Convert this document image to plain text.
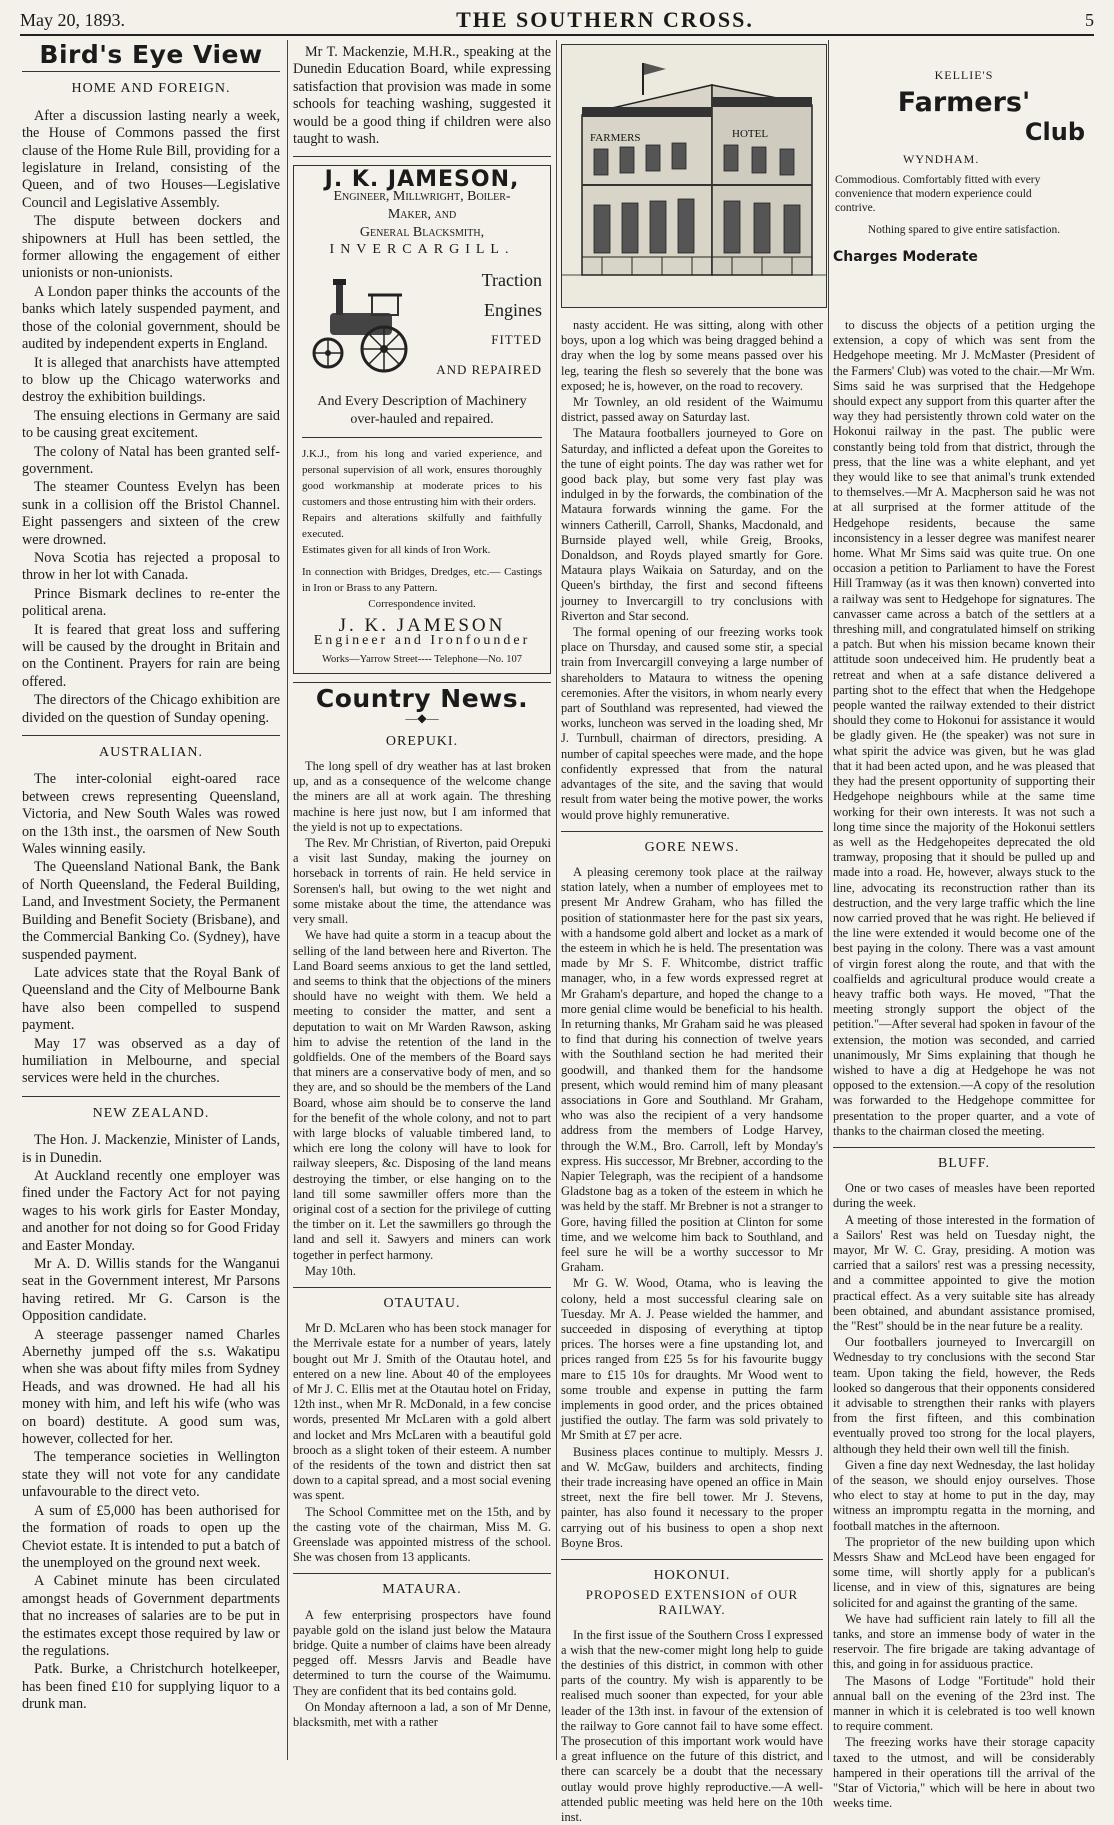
May 20, 1893.	THE SOUTHERN CROSS.	5
Bird's Eye View
HOME AND FOREIGN.

After a discussion lasting nearly a week, the House of Commons passed the first clause of the Home Rule Bill, providing for a legislature in Ireland, consisting of the Queen, and of two Houses—Legislative Council and Legislative Assembly.

The dispute between dockers and shipowners at Hull has been settled, the former allowing the engagement of either unionists or non-unionists.

A London paper thinks the accounts of the banks which lately suspended payment, and those of the colonial government, should be audited by independent experts in England.

It is alleged that anarchists have attempted to blow up the Chicago waterworks and destroy the exhibition buildings.

The ensuing elections in Germany are said to be causing great excitement.

The colony of Natal has been granted self-government.

The steamer Countess Evelyn has been sunk in a collision off the Bristol Channel. Eight passengers and sixteen of the crew were drowned.

Nova Scotia has rejected a proposal to throw in her lot with Canada.

Prince Bismark declines to re-enter the political arena.

It is feared that great loss and suffering will be caused by the drought in Britain and on the Continent. Prayers for rain are being offered.

The directors of the Chicago exhibition are divided on the question of Sunday opening.

AUSTRALIAN.

The inter-colonial eight-oared race between crews representing Queensland, Victoria, and New South Wales was rowed on the 13th inst., the oarsmen of New South Wales winning easily.

The Queensland National Bank, the Bank of North Queensland, the Federal Building, Land, and Investment Society, the Permanent Building and Benefit Society (Brisbane), and the Commercial Banking Co. (Sydney), have suspended payment.

Late advices state that the Royal Bank of Queensland and the City of Melbourne Bank have also been compelled to suspend payment.

May 17 was observed as a day of humiliation in Melbourne, and special services were held in the churches.

NEW ZEALAND.

The Hon. J. Mackenzie, Minister of Lands, is in Dunedin.

At Auckland recently one employer was fined under the Factory Act for not paying wages to his work girls for Easter Monday, and another for not doing so for Good Friday and Easter Monday.

Mr A. D. Willis stands for the Wanganui seat in the Government interest, Mr Parsons having retired. Mr G. Carson is the Opposition candidate.

A steerage passenger named Charles Abernethy jumped off the s.s. Wakatipu when she was about fifty miles from Sydney Heads, and was drowned. He had all his money with him, and left his wife (who was on board) destitute. A good sum was, however, collected for her.

The temperance societies in Wellington state they will not vote for any candidate unfavourable to the direct veto.

A sum of £5,000 has been authorised for the formation of roads to open up the Cheviot estate. It is intended to put a batch of the unemployed on the ground next week.

A Cabinet minute has been circulated amongst heads of Government departments that no increases of salaries are to be put in the estimates except those required by law or the regulations.

Patk. Burke, a Christchurch hotelkeeper, has been fined £10 for supplying liquor to a drunk man.

Mr T. Mackenzie, M.H.R., speaking at the Dunedin Education Board, while expressing satisfaction that provision was made in some schools for teaching washing, suggested it would be a good thing if children were also taught to wash.

J. K. JAMESON,
Engineer, Millwright, Boiler-
Maker, and
General Blacksmith,
INVERCARGILL.
Traction
Engines
FITTED
AND REPAIRED
And Every Description of Machinery over-hauled and repaired.
J.K.J., from his long and varied experience, and personal supervision of all work, ensures thoroughly good workmanship at moderate prices to his customers and those entrusting him with their orders.
Repairs and alterations skilfully and faithfully executed.
Estimates given for all kinds of Iron Work.
In connection with Bridges, Dredges, etc.— Castings in Iron or Brass to any Pattern.
Correspondence invited.
J. K. JAMESON
Engineer and Ironfounder
Works—Yarrow Street---- Telephone—No. 107
Country News.
—◆—
OREPUKI.

The long spell of dry weather has at last broken up, and as a consequence of the welcome change the miners are all at work again. The threshing machine is here just now, but I am informed that the yield is not up to expectations.

The Rev. Mr Christian, of Riverton, paid Orepuki a visit last Sunday, making the journey on horseback in torrents of rain. He held service in Sorensen's hall, but owing to the wet night and some mistake about the time, the attendance was very small.

We have had quite a storm in a teacup about the selling of the land between here and Riverton. The Land Board seems anxious to get the land settled, and seems to think that the objections of the miners should have no weight with them. We held a meeting to consider the matter, and sent a deputation to wait on Mr Warden Rawson, asking him to advise the retention of the land in the goldfields. One of the members of the Board says that miners are a conservative body of men, and so they are, and so should be the members of the Land Board, whose aim should be to conserve the land for the benefit of the whole colony, and not to part with large blocks of valuable timbered land, to which ere long the colony will have to look for railway sleepers, &c. Disposing of the land means destroying the timber, or else hanging on to the land till some sawmiller offers more than the original cost of a section for the privilege of cutting the timber on it. Let the sawmillers go through the land and sell it. Sawyers and miners can work together in perfect harmony.

May 10th.

OTAUTAU.

Mr D. McLaren who has been stock manager for the Merrivale estate for a number of years, lately bought out Mr J. Smith of the Otautau hotel, and entered on a new line. About 40 of the employees of Mr J. C. Ellis met at the Otautau hotel on Friday, 12th inst., when Mr R. McDonald, in a few concise words, presented Mr McLaren with a gold albert and locket and Mrs McLaren with a beautiful gold brooch as a slight token of their esteem. A number of the residents of the town and district then sat down to a capital spread, and a most social evening was spent.

The School Committee met on the 15th, and by the casting vote of the chairman, Miss M. G. Greenslade was appointed mistress of the school. She was chosen from 13 applicants.

MATAURA.

A few enterprising prospectors have found payable gold on the island just below the Mataura bridge. Quite a number of claims have been already pegged off. Messrs Jarvis and Beadle have determined to turn the course of the Waimumu. They are confident that its bed contains gold.

On Monday afternoon a lad, a son of Mr Denne, blacksmith, met with a rather

FARMERS	HOTEL
KELLIE'S
Farmers'
Club
WYNDHAM.
Commodious. Comfortably fitted with every convenience that modern experience could contrive.
Nothing spared to give entire satisfaction.
Charges Moderate

nasty accident. He was sitting, along with other boys, upon a log which was being dragged behind a dray when the log by some means passed over his leg, tearing the flesh so severely that the bone was exposed; he is, however, on the road to recovery.

Mr Townley, an old resident of the Waimumu district, passed away on Saturday last.

The Mataura footballers journeyed to Gore on Saturday, and inflicted a defeat upon the Goreites to the tune of eight points. The day was rather wet for good back play, but some very fast play was indulged in by the forwards, the combination of the Mataura forwards winning the game. For the winners Catherill, Carroll, Shanks, Macdonald, and Burnside played well, while Greig, Brooks, Donaldson, and Royds played smartly for Gore. Mataura plays Waikaia on Saturday, and on the Queen's birthday, the first and second fifteens journey to Invercargill to try conclusions with Riverton and Star second.

The formal opening of our freezing works took place on Thursday, and caused some stir, a special train from Invercargill conveying a large number of shareholders to Mataura to witness the opening ceremonies. After the visitors, in whom nearly every part of Southland was represented, had viewed the works, luncheon was served in the loading shed, Mr J. Turnbull, chairman of directors, presiding. A number of capital speeches were made, and the hope confidently expressed that from the natural advantages of the site, and the saving that would result from water being the motive power, the works would prove highly remunerative.

GORE NEWS.

A pleasing ceremony took place at the railway station lately, when a number of employees met to present Mr Andrew Graham, who has filled the position of stationmaster here for the past six years, with a handsome gold albert and locket as a mark of the esteem in which he is held. The presentation was made by Mr S. F. Whitcombe, district traffic manager, who, in a few words expressed regret at Mr Graham's departure, and hoped the change to a more genial clime would be beneficial to his health. In returning thanks, Mr Graham said he was pleased to find that during his connection of twelve years with the Southland section he had merited their goodwill, and thanked them for the handsome present, which would remind him of many pleasant associations in Gore and Southland. Mr Graham, who was also the recipient of a very handsome address from the members of Lodge Harvey, through the W.M., Bro. Carroll, left by Monday's express. His successor, Mr Brebner, according to the Napier Telegraph, was the recipient of a handsome Gladstone bag as a token of the esteem in which he was held by the staff. Mr Brebner is not a stranger to Gore, having filled the position at Clinton for some time, and we welcome him back to Southland, and feel sure he will be a worthy successor to Mr Graham.

Mr G. W. Wood, Otama, who is leaving the colony, held a most successful clearing sale on Tuesday. Mr A. J. Pease wielded the hammer, and succeeded in disposing of everything at tiptop prices. The horses were a fine upstanding lot, and prices ranged from £25 5s for his favourite buggy mare to £15 10s for draughts. Mr Wood went to some trouble and expense in putting the farm implements in good order, and the prices obtained justified the outlay. The farm was sold privately to Mr Smith at £7 per acre.

Business places continue to multiply. Messrs J. and W. McGaw, builders and architects, finding their trade increasing have opened an office in Main street, next the fire bell tower. Mr J. Stevens, painter, has also found it necessary to the proper carrying out of his business to open a shop next Boyne Bros.

HOKONUI.
PROPOSED EXTENSION of OUR RAILWAY.

In the first issue of the Southern Cross I expressed a wish that the new-comer might long help to guide the destinies of this district, in common with other parts of the country. My wish is apparently to be realised much sooner than expected, for your able leader of the 13th inst. in favour of the extension of the railway to Gore cannot fail to have some effect. The prosecution of this important work would have a great influence on the future of this district, and there can scarcely be a doubt that the necessary outlay would prove highly reproductive.—A well-attended public meeting was held here on the 10th inst.

to discuss the objects of a petition urging the extension, a copy of which was sent from the Hedgehope meeting. Mr J. McMaster (President of the Farmers' Club) was voted to the chair.—Mr Wm. Sims said he was surprised that the Hedgehope should expect any support from this quarter after the way they had persistently thrown cold water on the Hokonui railway in the past. The public were constantly being told from that district, through the press, that the line was a white elephant, and yet they would like to see that animal's trunk extended to themselves.—Mr A. Macpherson said he was not at all surprised at the former attitude of the Hedgehope residents, because the same inconsistency in a lesser degree was manifest nearer home. What Mr Sims said was quite true. On one occasion a petition to Parliament to have the Forest Hill Tramway (as it was then known) converted into a railway was sent to Hedgehope for signatures. The canvasser came across a batch of the settlers at a threshing mill, and congratulated himself on striking a patch. But when his mission became known their attitude soon undeceived him. He prudently beat a retreat and when at a safe distance delivered a parting shot to the effect that when the Hedgehope people wanted the railway extended to their district should they come to Hokonui for assistance it would be gladly given. He (the speaker) was not sure in what spirit the advice was given, but he was glad that it had been acted upon, and he was pleased that they had the present opportunity of supporting their Hedgehope neighbours while at the same time working for their own interests. It was not such a long time since the majority of the Hokonui settlers as well as the Hedgehopeites deprecated the old tramway, proposing that it should be pulled up and made into a road. He, however, always stuck to the line, advocating its reconstruction rather than its destruction, and the very large traffic which the line now carried proved that he was right. He believed if the line were extended it would become one of the best paying in the colony. There was a vast amount of virgin forest along the route, and that with the coalfields and agricultural produce would create a heavy traffic both ways. He moved, "That the meeting strongly support the object of the petition."—After several had spoken in favour of the extension, the motion was seconded, and carried unanimously, Mr Sims explaining that though he wished to have a dig at Hedgehope he was not opposed to the extension.—A copy of the resolution was forwarded to the Hedgehope committee for presentation to the proper quarter, and a vote of thanks to the chairman closed the meeting.

BLUFF.

One or two cases of measles have been reported during the week.

A meeting of those interested in the formation of a Sailors' Rest was held on Tuesday night, the mayor, Mr W. C. Gray, presiding. A motion was carried that a sailors' rest was a pressing necessity, and a committee appointed to give the motion practical effect. As a very suitable site has already been obtained, and abundant assistance promised, the "Rest" should be in the near future be a reality.

Our footballers journeyed to Invercargill on Wednesday to try conclusions with the second Star team. Upon taking the field, however, the Reds looked so dangerous that their opponents considered it advisable to strengthen their ranks with players from the first fifteen, and this combination eventually proved too strong for the local players, although they held their own well till the finish.

Given a fine day next Wednesday, the last holiday of the season, we should enjoy ourselves. Those who elect to stay at home to put in the day, may witness an impromptu regatta in the morning, and football matches in the afternoon.

The proprietor of the new building upon which Messrs Shaw and McLeod have been engaged for some time, will shortly apply for a publican's license, and in view of this, signatures are being solicited for and against the granting of the same.

We have had sufficient rain lately to fill all the tanks, and store an immense body of water in the reservoir. The fire brigade are taking advantage of this, and going in for assiduous practice.

The Masons of Lodge "Fortitude" hold their annual ball on the evening of the 23rd inst. The manner in which it is celebrated is too well known to require comment.

The freezing works have their storage capacity taxed to the utmost, and will be considerably hampered in their operations till the arrival of the "Star of Victoria," which will be here in about two weeks time.
